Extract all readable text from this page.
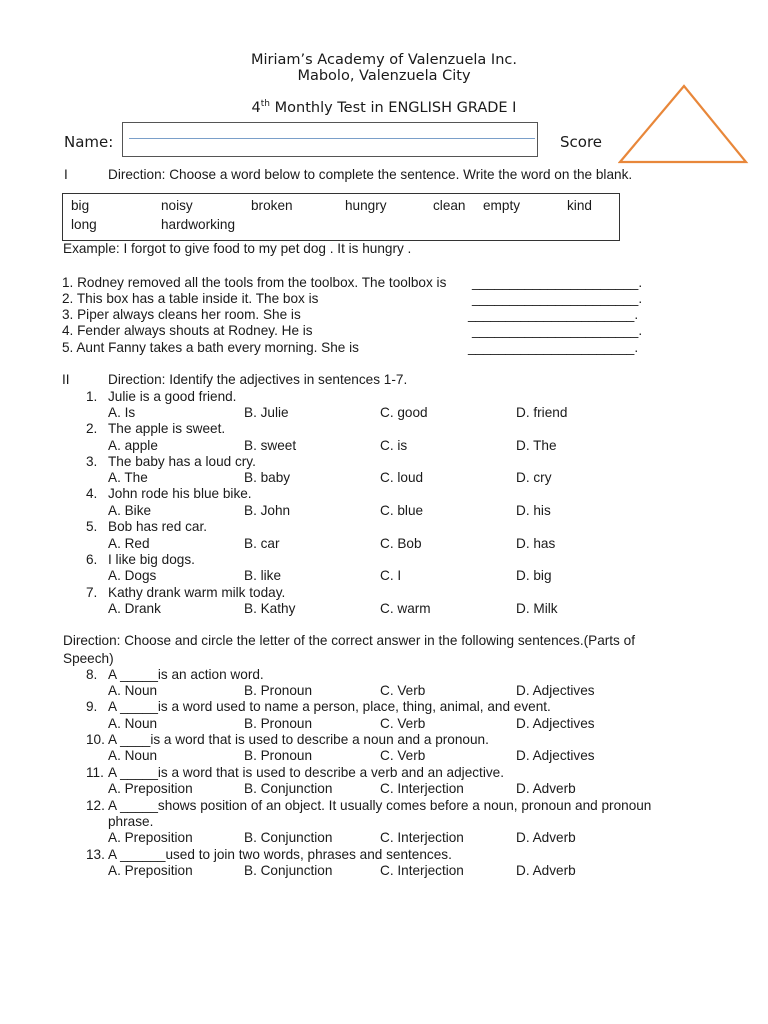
Miriam’s Academy of Valenzuela Inc.
Mabolo, Valenzuela City
4th Monthly Test in ENGLISH GRADE I
Name:	Score
I	Direction: Choose a word below to complete the sentence. Write the word on the blank.
big	noisy	broken	hungry	clean empty	kind
long	hardworking
Example: I forgot to give food to my pet dog . It is hungry .
1. Rodney removed all the tools from the toolbox. The toolbox is ______________________.
2. This box has a table inside it. The box is	______________________.
3. Piper always cleans her room. She is	______________________.
4. Fender always shouts at Rodney. He is	______________________.
5. Aunt Fanny takes a bath every morning. She is	______________________.
II	Direction: Identify the adjectives in sentences 1-7.
1. Julie is a good friend.
A. Is	B. Julie	C. good	D. friend
2. The apple is sweet.
A. apple	B. sweet	C. is	D. The
3. The baby has a loud cry.
A. The	B. baby	C. loud	D. cry
4. John rode his blue bike.
A. Bike	B. John	C. blue	D. his
5. Bob has red car.
A. Red	B. car	C. Bob	D. has
6. I like big dogs.
A. Dogs	B. like	C. I	D. big
7. Kathy drank warm milk today.
A. Drank	B. Kathy	C. warm	D. Milk
Direction: Choose and circle the letter of the correct answer in the following sentences.(Parts of
Speech)
8. A _____is an action word.
A. Noun	B. Pronoun	C. Verb	D. Adjectives
9. A _____is a word used to name a person, place, thing, animal, and event.
A. Noun	B. Pronoun	C. Verb	D. Adjectives
10. A ____is a word that is used to describe a noun and a pronoun.
A. Noun	B. Pronoun	C. Verb	D. Adjectives
11. A _____is a word that is used to describe a verb and an adjective.
A. Preposition	B. Conjunction	C. Interjection	D. Adverb
12. A _____shows position of an object. It usually comes before a noun, pronoun and pronoun
phrase.
A. Preposition	B. Conjunction	C. Interjection	D. Adverb
13. A ______used to join two words, phrases and sentences.
A. Preposition	B. Conjunction	C. Interjection	D. Adverb
